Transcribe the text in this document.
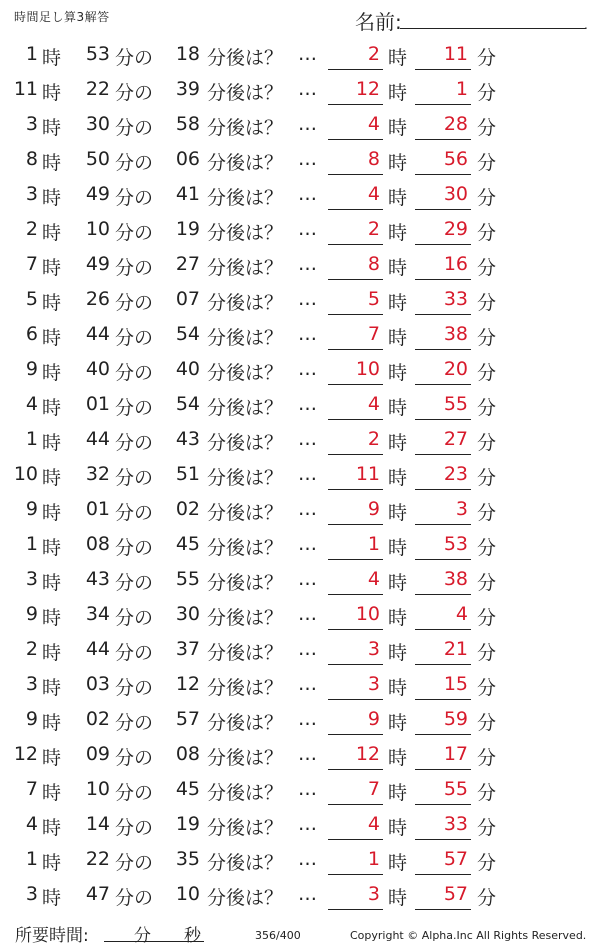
時間足し算3解答	名前:	.
1 時	53 分の	18 分後は？ …	2 時	11 分
11 時	22 分の	39 分後は？ …	12 時	1 分
3 時	30 分の	58 分後は？ …	4 時	28 分
8 時	50 分の	06 分後は？ …	8 時	56 分
3 時	49 分の	41 分後は？ …	4 時	30 分
2 時	10 分の	19 分後は？ …	2 時	29 分
7 時	49 分の	27 分後は？ …	8 時	16 分
5 時	26 分の	07 分後は？ …	5 時	33 分
6 時	44 分の	54 分後は？ …	7 時	38 分
9 時	40 分の	40 分後は？ …	10 時	20 分
4 時	01 分の	54 分後は？ …	4 時	55 分
1 時	44 分の	43 分後は？ …	2 時	27 分
10 時	32 分の	51 分後は？ …	11 時	23 分
9 時	01 分の	02 分後は？ …	9 時	3 分
1 時	08 分の	45 分後は？ …	1 時	53 分
3 時	43 分の	55 分後は？ …	4 時	38 分
9 時	34 分の	30 分後は？ …	10 時	4 分
2 時	44 分の	37 分後は？ …	3 時	21 分
3 時	03 分の	12 分後は？ …	3 時	15 分
9 時	02 分の	57 分後は？ …	9 時	59 分
12 時	09 分の	08 分後は？ …	12 時	17 分
7 時	10 分の	45 分後は？ …	7 時	55 分
4 時	14 分の	19 分後は？ …	4 時	33 分
1 時	22 分の	35 分後は？ …	1 時	57 分
3 時	47 分の	10 分後は？ …	3 時	57 分
所要時間:	分 秒	356/400	Copyright © Alpha.Inc All Rights Reserved.
